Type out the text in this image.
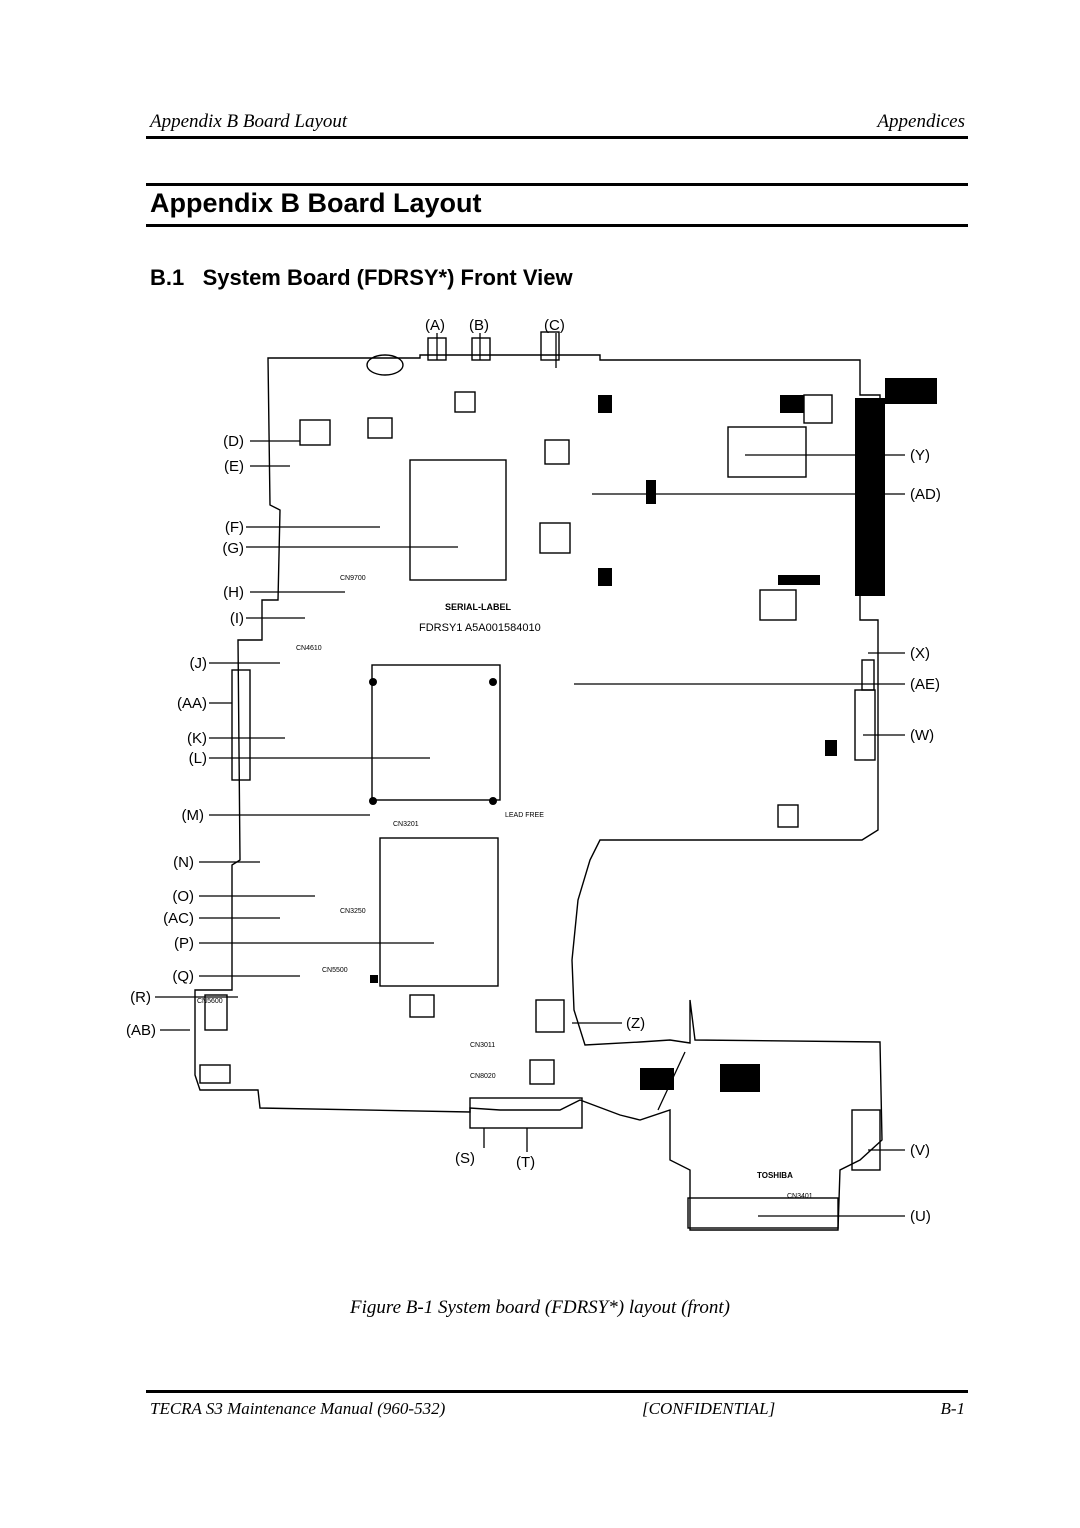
Appendix B Board Layout	Appendices
Appendix B Board Layout
B.1 System Board (FDRSY*) Front View
SERIAL-LABEL
FDRSY1 A5A001584010
LEAD FREE
TOSHIBA
CN9700
CN4610
CN5500
CN3201
CN3011
CN8020
CN3401
CN5600
CN3250
(A) (B)	(C)
(D)
(E)
(F)
(G)
(H)
(I)
(J)
(AA)
(K)
(L)
(M)
(N)
(O)
(AC)
(P)
(Q)
(R)
(AB)
(Y)
(AD)
(X)
(AE)
(W)
(Z)
(V)
(U)
(S)	(T)
Figure B-1 System board (FDRSY*) layout (front)
TECRA S3 Maintenance Manual (960-532)	[CONFIDENTIAL]	B-1
